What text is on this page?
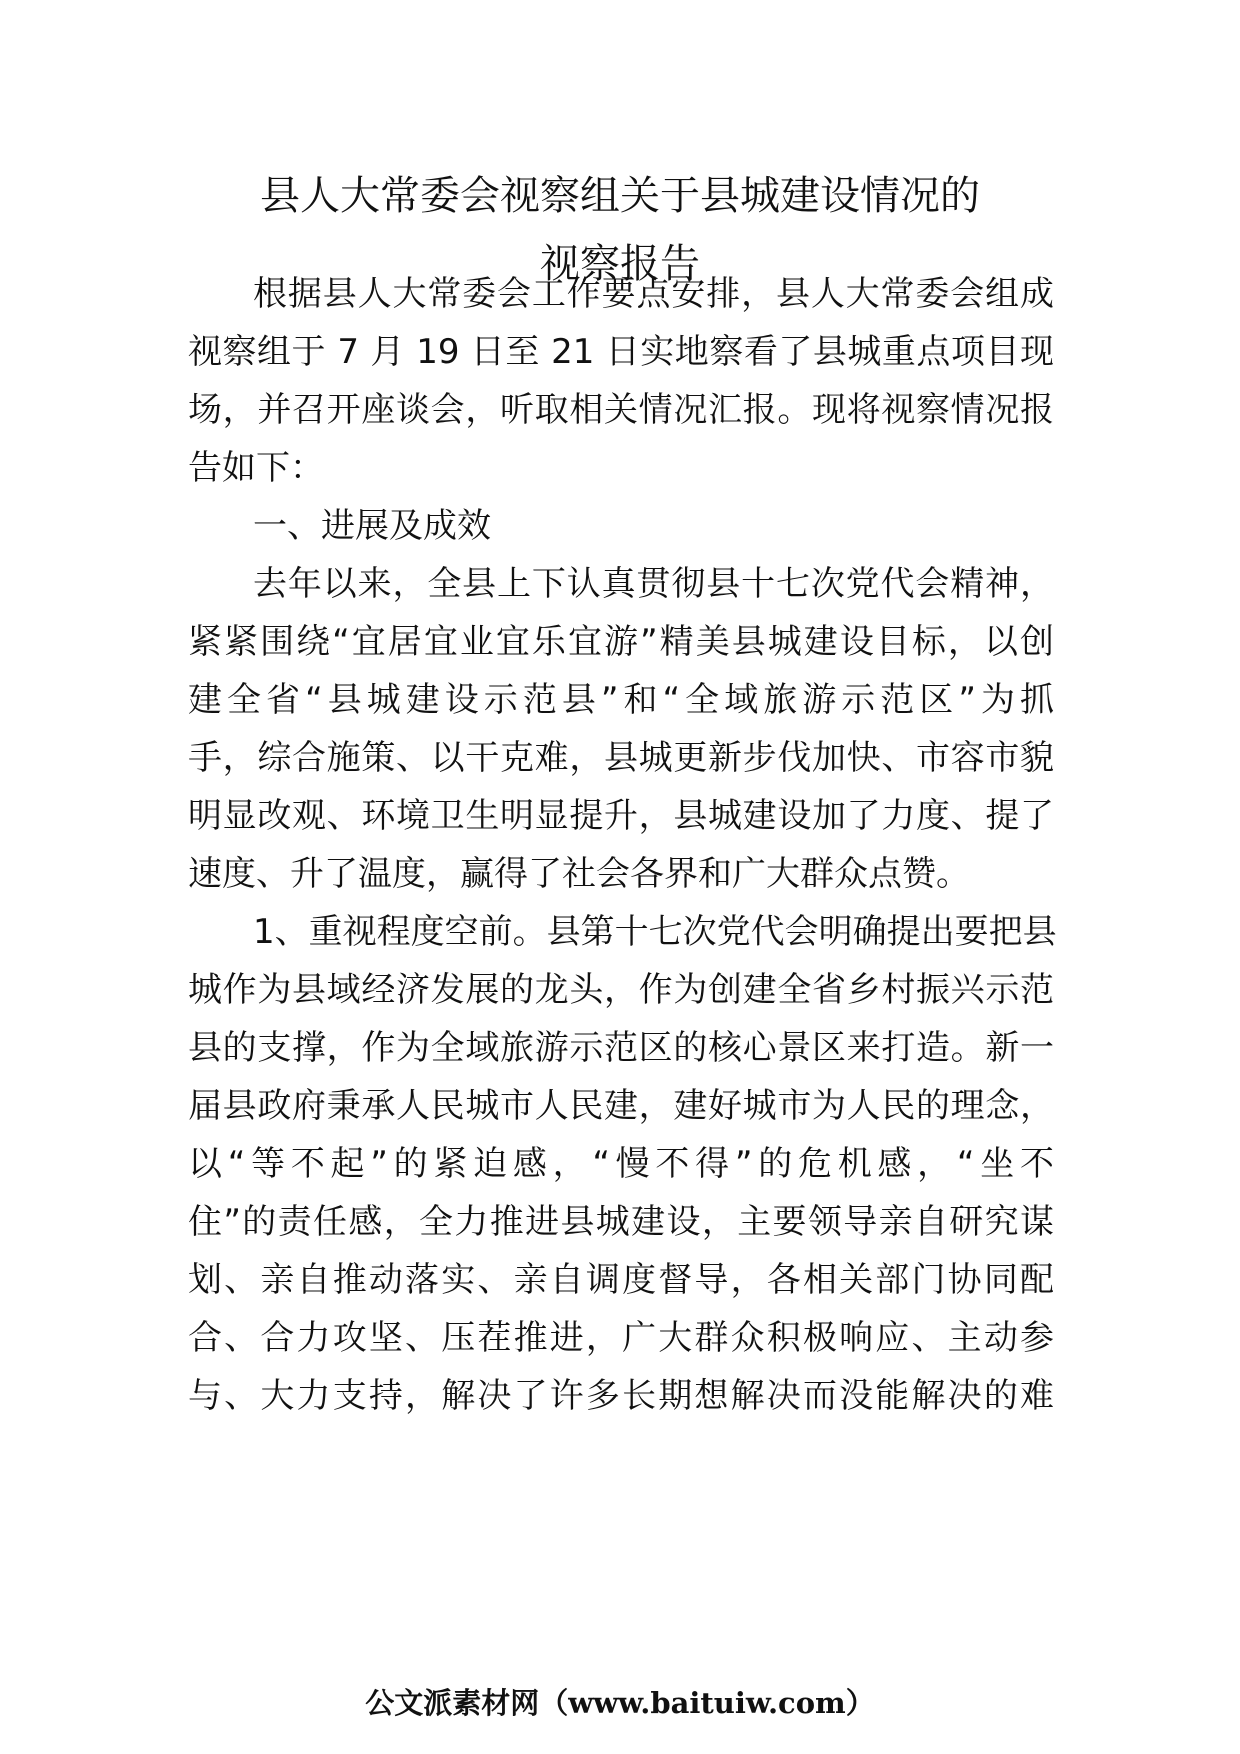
县人大常委会视察组关于县城建设情况的
视察报告
根据县人大常委会工作要点安排，县人大常委会组成
视察组于 7 月 19 日至 21 日实地察看了县城重点项目现
场，并召开座谈会，听取相关情况汇报。现将视察情况报
告如下：
一、进展及成效
去年以来，全县上下认真贯彻县十七次党代会精神，
紧紧围绕“宜居宜业宜乐宜游”精美县城建设目标，以创
建全省“县城建设示范县”和“全域旅游示范区”为抓
手，综合施策、以干克难，县城更新步伐加快、市容市貌
明显改观、环境卫生明显提升，县城建设加了力度、提了
速度、升了温度，赢得了社会各界和广大群众点赞。
1、重视程度空前。县第十七次党代会明确提出要把县
城作为县域经济发展的龙头，作为创建全省乡村振兴示范
县的支撑，作为全域旅游示范区的核心景区来打造。新一
届县政府秉承人民城市人民建，建好城市为人民的理念，
以“等不起”的紧迫感，“慢不得”的危机感，“坐不
住”的责任感，全力推进县城建设，主要领导亲自研究谋
划、亲自推动落实、亲自调度督导，各相关部门协同配
合、合力攻坚、压茬推进，广大群众积极响应、主动参
与、大力支持，解决了许多长期想解决而没能解决的难
公文派素材网（www.baituiw.com）
